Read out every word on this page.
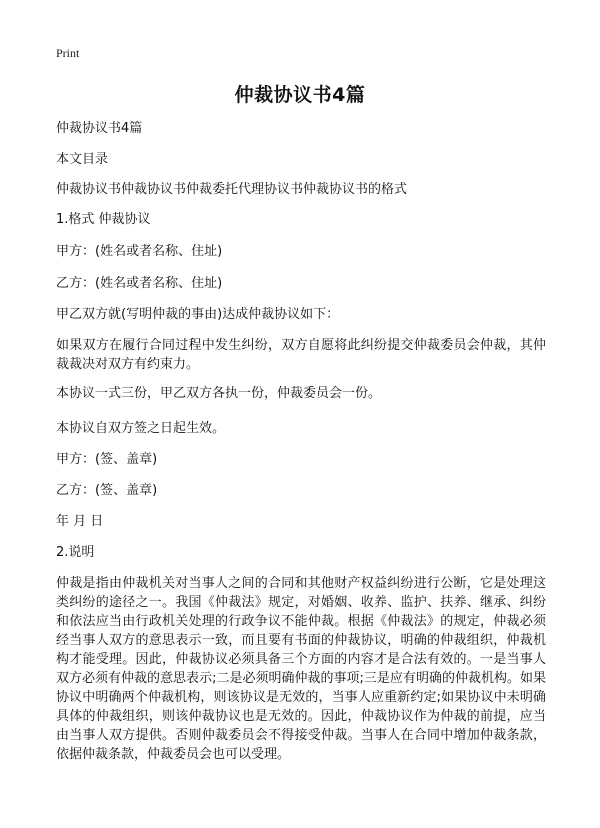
Print
仲裁协议书4篇
仲裁协议书4篇
本文目录
仲裁协议书仲裁协议书仲裁委托代理协议书仲裁协议书的格式
1.格式 仲裁协议
甲方：(姓名或者名称、住址)
乙方：(姓名或者名称、住址)
甲乙双方就(写明仲裁的事由)达成仲裁协议如下：
如果双方在履行合同过程中发生纠纷，双方自愿将此纠纷提交仲裁委员会仲裁，其仲裁裁决对双方有约束力。
本协议一式三份，甲乙双方各执一份，仲裁委员会一份。
本协议自双方签之日起生效。
甲方：(签、盖章)
乙方：(签、盖章)
年 月 日
2.说明
仲裁是指由仲裁机关对当事人之间的合同和其他财产权益纠纷进行公断，它是处理这类纠纷的途径之一。我国《仲裁法》规定，对婚姻、收养、监护、扶养、继承、纠纷和依法应当由行政机关处理的行政争议不能仲裁。根据《仲裁法》的规定，仲裁必须经当事人双方的意思表示一致，而且要有书面的仲裁协议，明确的仲裁组织，仲裁机构才能受理。因此，仲裁协议必须具备三个方面的内容才是合法有效的。一是当事人双方必须有仲裁的意思表示;二是必须明确仲裁的事项;三是应有明确的仲裁机构。如果协议中明确两个仲裁机构，则该协议是无效的，当事人应重新约定;如果协议中未明确具体的仲裁组织，则该仲裁协议也是无效的。因此，仲裁协议作为仲裁的前提，应当由当事人双方提供。否则仲裁委员会不得接受仲裁。当事人在合同中增加仲裁条款，依据仲裁条款，仲裁委员会也可以受理。
